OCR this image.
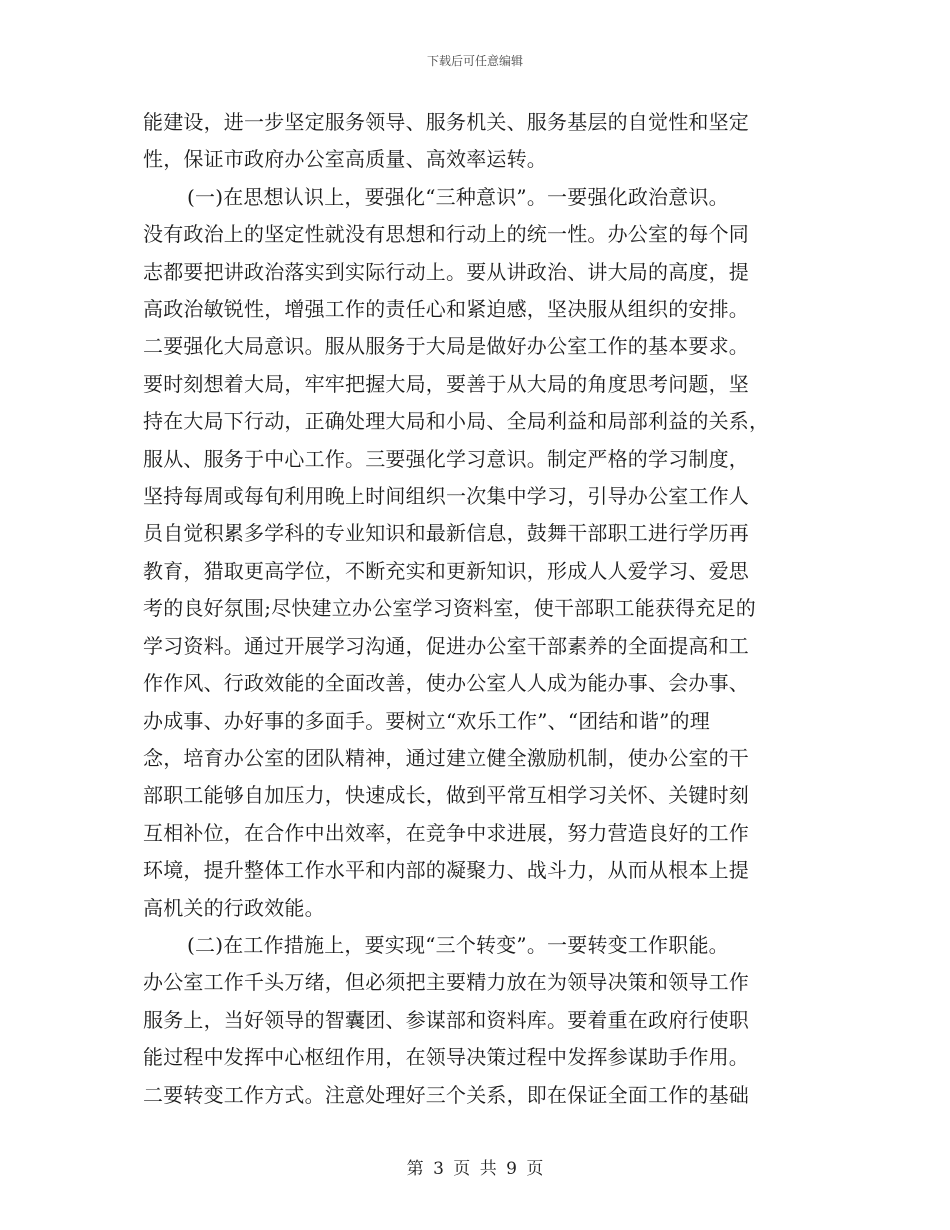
下载后可任意编辑

能建设，进一步坚定服务领导、服务机关、服务基层的自觉性和坚定
性，保证市政府办公室高质量、高效率运转。

(一)在思想认识上，要强化“三种意识”。一要强化政治意识。
没有政治上的坚定性就没有思想和行动上的统一性。办公室的每个同
志都要把讲政治落实到实际行动上。要从讲政治、讲大局的高度，提
高政治敏锐性，增强工作的责任心和紧迫感，坚决服从组织的安排。
二要强化大局意识。服从服务于大局是做好办公室工作的基本要求。
要时刻想着大局，牢牢把握大局，要善于从大局的角度思考问题，坚
持在大局下行动，正确处理大局和小局、全局利益和局部利益的关系，
服从、服务于中心工作。三要强化学习意识。制定严格的学习制度，
坚持每周或每旬利用晚上时间组织一次集中学习，引导办公室工作人
员自觉积累多学科的专业知识和最新信息，鼓舞干部职工进行学历再
教育，猎取更高学位，不断充实和更新知识，形成人人爱学习、爱思
考的良好氛围;尽快建立办公室学习资料室，使干部职工能获得充足的
学习资料。通过开展学习沟通，促进办公室干部素养的全面提高和工
作作风、行政效能的全面改善，使办公室人人成为能办事、会办事、
办成事、办好事的多面手。要树立“欢乐工作”、“团结和谐”的理
念，培育办公室的团队精神，通过建立健全激励机制，使办公室的干
部职工能够自加压力，快速成长，做到平常互相学习关怀、关键时刻
互相补位，在合作中出效率，在竞争中求进展，努力营造良好的工作
环境，提升整体工作水平和内部的凝聚力、战斗力，从而从根本上提
高机关的行政效能。

(二)在工作措施上，要实现“三个转变”。一要转变工作职能。
办公室工作千头万绪，但必须把主要精力放在为领导决策和领导工作
服务上，当好领导的智囊团、参谋部和资料库。要着重在政府行使职
能过程中发挥中心枢纽作用，在领导决策过程中发挥参谋助手作用。
二要转变工作方式。注意处理好三个关系，即在保证全面工作的基础

第 3 页 共 9 页
